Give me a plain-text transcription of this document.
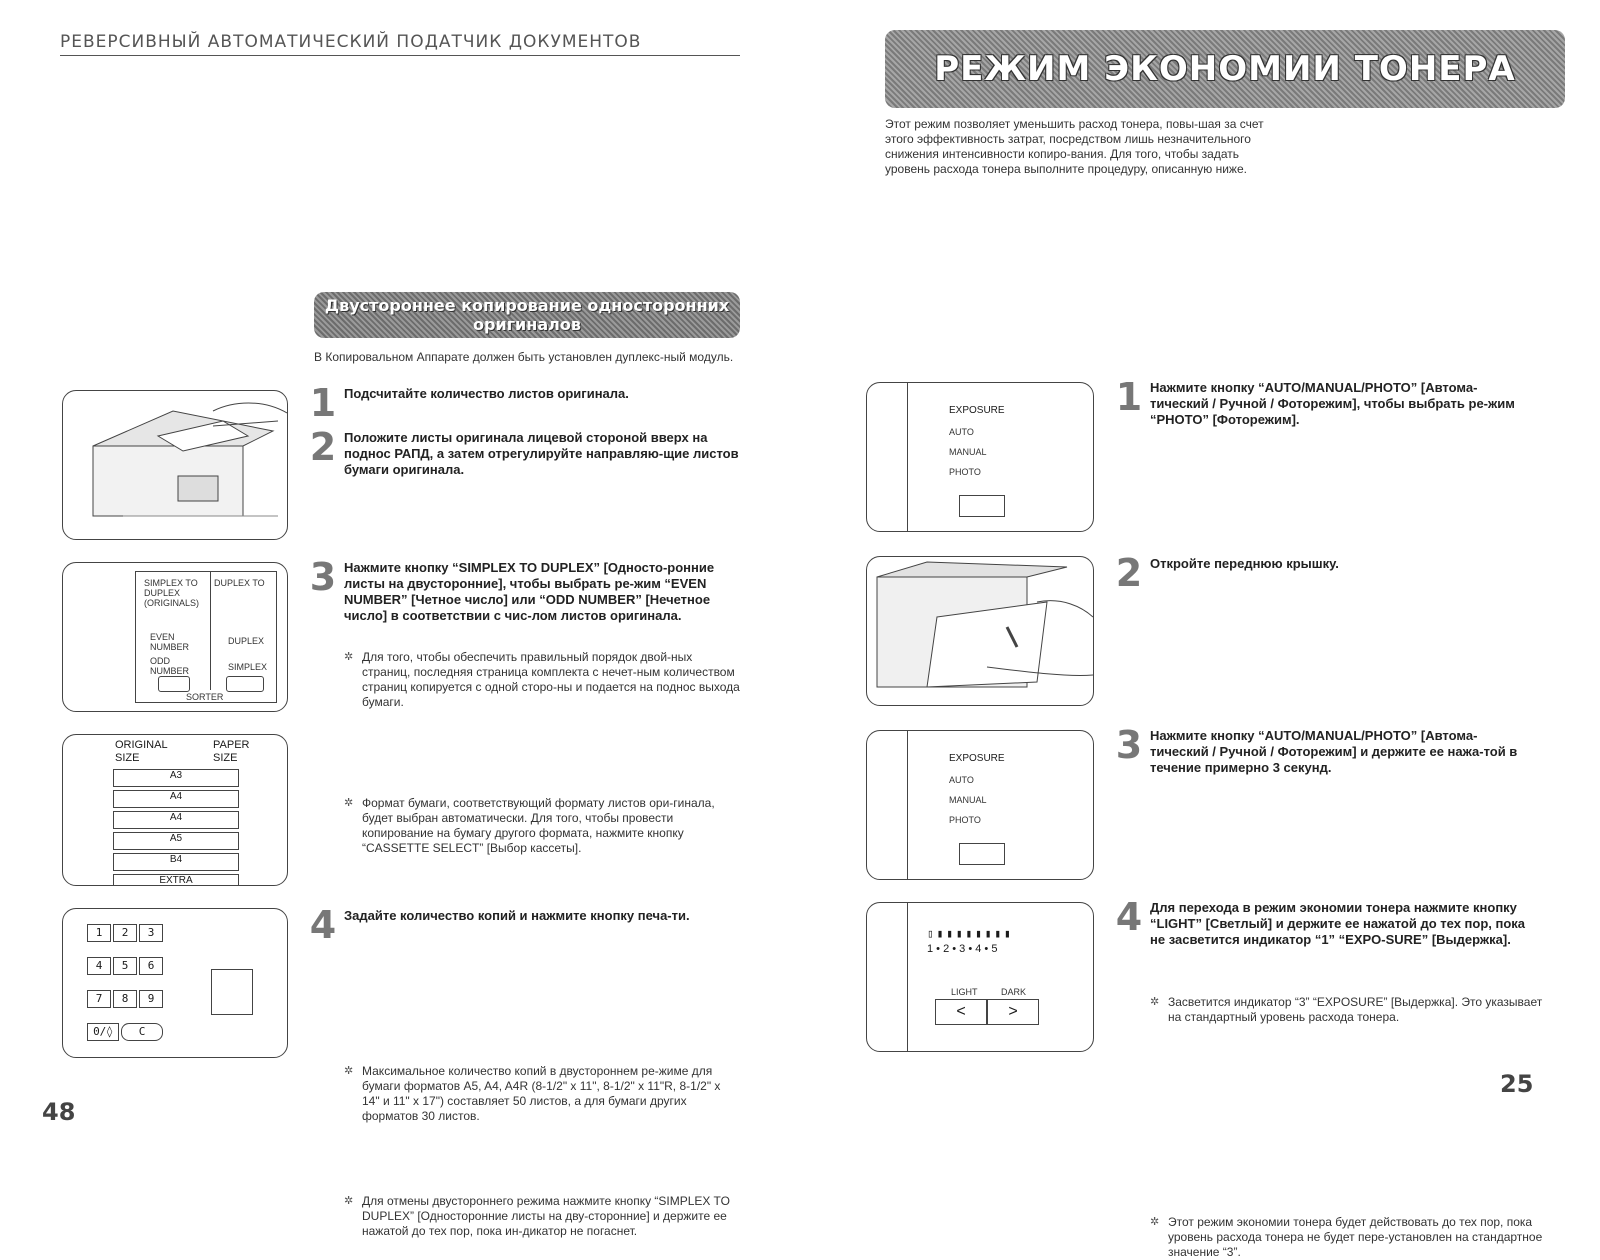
РЕВЕРСИВНЫЙ АВТОМАТИЧЕСКИЙ ПОДАТЧИК ДОКУМЕНТОВ
Двустороннее копирование односторонних
оригиналов
В Копировальном Аппарате должен быть установлен дуплекс-ный модуль.
1 Подсчитайте количество листов оригинала.
2 Положите листы оригинала лицевой стороной вверх на поднос РАПД, а затем отрегулируйте направляю-щие листов бумаги оригинала.
SIMPLEX TO DUPLEX (ORIGINALS)
DUPLEX TO
EVEN NUMBER
ODD NUMBER
DUPLEX
SIMPLEX
SORTER
3 Нажмите кнопку “SIMPLEX TO DUPLEX” [Односто-ронние листы на двусторонние], чтобы выбрать ре-жим “EVEN NUMBER” [Четное число] или “ODD NUMBER” [Нечетное число] в соответствии с чис-лом листов оригинала.
✲ Для того, чтобы обеспечить правильный порядок двой-ных страниц, последняя страница комплекта с нечет-ным количеством страниц копируется с одной сторо-ны и подается на поднос выхода бумаги.
ORIGINAL SIZE
PAPER SIZE
A3
A4
A4
A5
B4
EXTRA
✲ Формат бумаги, соответствующий формату листов ори-гинала, будет выбран автоматически. Для того, чтобы провести копирование на бумагу другого формата, нажмите кнопку “CASSETTE SELECT” [Выбор кассеты].
1 2 3
4 5 6
7 8 9
0/◊ C
4 Задайте количество копий и нажмите кнопку печа-ти.
✲ Максимальное количество копий в двустороннем ре-жиме для бумаги форматов A5, A4, A4R (8-1/2" x 11", 8-1/2" x 11"R, 8-1/2" x 14" и 11" x 17") составляет 50 листов, а для бумаги других форматов 30 листов.
✲ Для отмены двустороннего режима нажмите кнопку “SIMPLEX TO DUPLEX” [Односторонние листы на дву-сторонние] и держите ее нажатой до тех пор, пока ин-дикатор не погаснет.
48
РЕЖИМ ЭКОНОМИИ ТОНЕРА
Этот режим позволяет уменьшить расход тонера, повы-шая за счет этого эффективность затрат, посредством лишь незначительного снижения интенсивности копиро-вания. Для того, чтобы задать уровень расхода тонера выполните процедуру, описанную ниже.
EXPOSURE
AUTO
MANUAL
PHOTO
1 Нажмите кнопку “AUTO/MANUAL/PHOTO” [Автома-тический / Ручной / Фоторежим], чтобы выбрать ре-жим “PHOTO” [Фоторежим].
2 Откройте переднюю крышку.
EXPOSURE
AUTO
MANUAL
PHOTO
3 Нажмите кнопку “AUTO/MANUAL/PHOTO” [Автома-тический / Ручной / Фоторежим] и держите ее нажа-той в течение примерно 3 секунд.
✲ Засветится индикатор “3” “EXPOSURE” [Выдержка]. Это указывает на стандартный уровень расхода тонера.
▯▮▮▮▮▮▮▮▮
1 • 2 • 3 • 4 • 5
LIGHT	DARK
<	>
4 Для перехода в режим экономии тонера нажмите кнопку “LIGHT” [Светлый] и держите ее нажатой до тех пор, пока не засветится индикатор “1” “EXPO-SURE” [Выдержка].
✲ Этот режим экономии тонера будет действовать до тех пор, пока уровень расхода тонера не будет пере-установлен на стандартное значение “3”.
25
